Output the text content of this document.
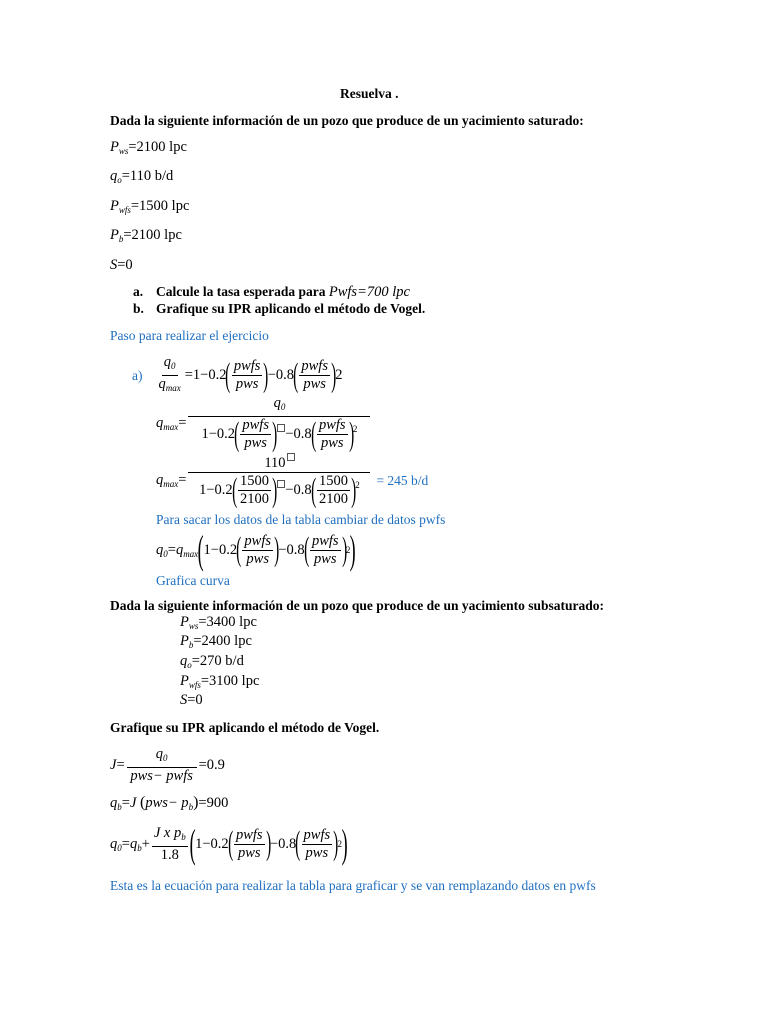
Resuelva .
Dada la siguiente información de un pozo que produce de un yacimiento saturado:
$P_{ws}=2100$ lpc
$q_o=110$ b/d
$P_{wfs}=1500$ lpc
$P_b=2100$ lpc
S=0
a. Calcule la tasa esperada para Pwfs=700 lpc
b. Grafique su IPR aplicando el método de Vogel.
Paso para realizar el ejercicio
$a) \frac{q_0}{q_{max}} =1-0.2$ ( $\frac{\text{pwfs}}{\text{pws}}$ ) −0.8 ( $\frac{\text{pwfs}}{\text{pws}}$ ) 2
$q_{max}= \frac{q_0}{1-0.2( \frac{\text{pwfs}}{\text{pws}} ) -0.8( \frac{\text{pwfs}}{\text{pws}} )^2}$
$q_{max}= \frac{110}{1-0.2( \frac{1500}{2100} ) -0.8( \frac{1500}{2100} )^2} = 245$ b/d
Para sacar los datos de la tabla cambiar de datos pwfs
$q_0=q_{max}$ ( 1−0.2 ( $\frac{\text{pwfs}}{\text{pws}}$ ) −0.8 ( $\frac{\text{pwfs}}{\text{pws}}$ ) 2 )
Grafica curva
Dada la siguiente información de un pozo que produce de un yacimiento subsaturado:
$P_{ws}=3400$ lpc
$P_b=2400$ lpc
$q_o=270$ b/d
$P_{wfs}=3100$ lpc
S=0
Grafique su IPR aplicando el método de Vogel.
$J = \frac{q_0}{\text{pws− pwfs}} =0.9$
$q_b=J$ $(pws- p_b)=900$
$q_0=q_b+ \frac{J x p_b}{1.8}$ ( 1−0.2 ( $\frac{\text{pwfs}}{\text{pws}}$ ) −0.8 ( $\frac{\text{pwfs}}{\text{pws}}$ ) 2 )
Esta es la ecuación para realizar la tabla para graficar y se van remplazando datos en pwfs
